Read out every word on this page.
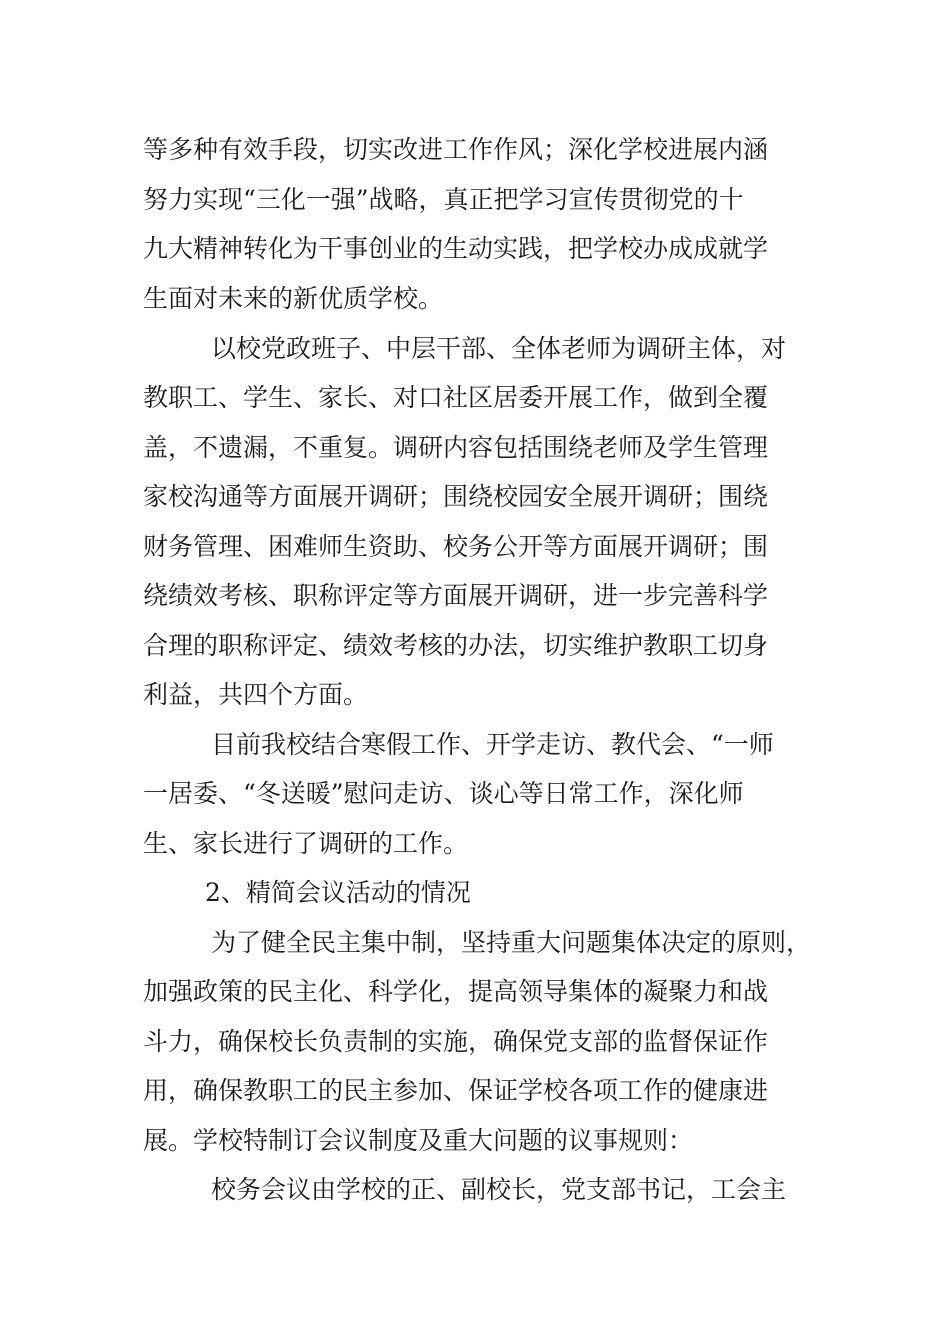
等多种有效手段，切实改进工作作风；深化学校进展内涵
努力实现“三化一强”战略，真正把学习宣传贯彻党的十
九大精神转化为干事创业的生动实践，把学校办成成就学
生面对未来的新优质学校。
以校党政班子、中层干部、全体老师为调研主体，对
教职工、学生、家长、对口社区居委开展工作，做到全覆
盖，不遗漏，不重复。调研内容包括围绕老师及学生管理
家校沟通等方面展开调研；围绕校园安全展开调研；围绕
财务管理、困难师生资助、校务公开等方面展开调研；围
绕绩效考核、职称评定等方面展开调研，进一步完善科学
合理的职称评定、绩效考核的办法，切实维护教职工切身
利益，共四个方面。
目前我校结合寒假工作、开学走访、教代会、“一师
一居委、“冬送暖”慰问走访、谈心等日常工作，深化师
生、家长进行了调研的工作。
2、精简会议活动的情况
为了健全民主集中制，坚持重大问题集体决定的原则，
加强政策的民主化、科学化，提高领导集体的凝聚力和战
斗力，确保校长负责制的实施，确保党支部的监督保证作
用，确保教职工的民主参加、保证学校各项工作的健康进
展。学校特制订会议制度及重大问题的议事规则：
校务会议由学校的正、副校长，党支部书记，工会主
